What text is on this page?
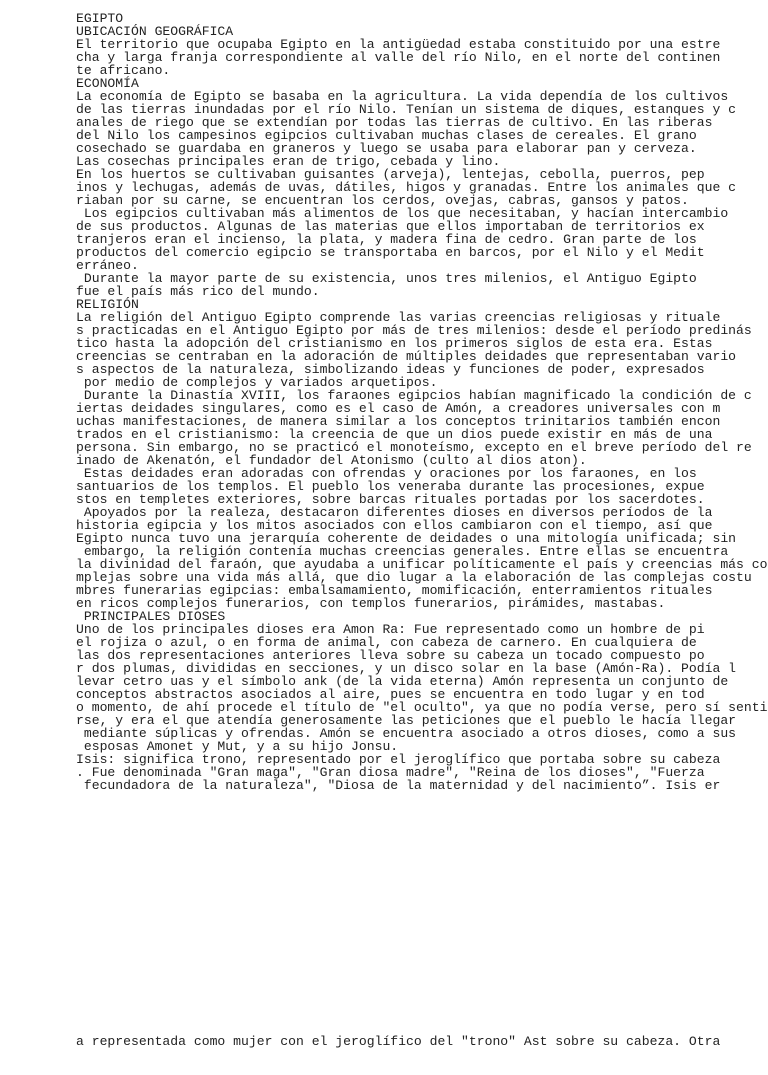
EGIPTO
UBICACIÓN GEOGRÁFICA
El territorio que ocupaba Egipto en la antigüedad estaba constituido por una estre
cha y larga franja correspondiente al valle del río Nilo, en el norte del continen
te africano.
ECONOMÍA
La economía de Egipto se basaba en la agricultura. La vida dependía de los cultivos
de las tierras inundadas por el río Nilo. Tenían un sistema de diques, estanques y c
anales de riego que se extendían por todas las tierras de cultivo. En las riberas
del Nilo los campesinos egipcios cultivaban muchas clases de cereales. El grano
cosechado se guardaba en graneros y luego se usaba para elaborar pan y cerveza.
Las cosechas principales eran de trigo, cebada y lino.
En los huertos se cultivaban guisantes (arveja), lentejas, cebolla, puerros, pep
inos y lechugas, además de uvas, dátiles, higos y granadas. Entre los animales que c
riaban por su carne, se encuentran los cerdos, ovejas, cabras, gansos y patos.
Los egipcios cultivaban más alimentos de los que necesitaban, y hacían intercambio
de sus productos. Algunas de las materias que ellos importaban de territorios ex
tranjeros eran el incienso, la plata, y madera fina de cedro. Gran parte de los
productos del comercio egipcio se transportaba en barcos, por el Nilo y el Medit
erráneo.
Durante la mayor parte de su existencia, unos tres milenios, el Antiguo Egipto
fue el país más rico del mundo.
RELIGIÓN
La religión del Antiguo Egipto comprende las varias creencias religiosas y rituale
s practicadas en el Antiguo Egipto por más de tres milenios: desde el período predinás
tico hasta la adopción del cristianismo en los primeros siglos de esta era. Estas
creencias se centraban en la adoración de múltiples deidades que representaban vario
s aspectos de la naturaleza, simbolizando ideas y funciones de poder, expresados
por medio de complejos y variados arquetipos.
Durante la Dinastía XVIII, los faraones egipcios habían magnificado la condición de c
iertas deidades singulares, como es el caso de Amón, a creadores universales con m
uchas manifestaciones, de manera similar a los conceptos trinitarios también encon
trados en el cristianismo: la creencia de que un dios puede existir en más de una
persona. Sin embargo, no se practicó el monoteísmo, excepto en el breve período del re
inado de Akenatón, el fundador del Atonismo (culto al dios aton).
Estas deidades eran adoradas con ofrendas y oraciones por los faraones, en los
santuarios de los templos. El pueblo los veneraba durante las procesiones, expue
stos en templetes exteriores, sobre barcas rituales portadas por los sacerdotes.
Apoyados por la realeza, destacaron diferentes dioses en diversos períodos de la
historia egipcia y los mitos asociados con ellos cambiaron con el tiempo, así que
Egipto nunca tuvo una jerarquía coherente de deidades o una mitología unificada; sin
embargo, la religión contenía muchas creencias generales. Entre ellas se encuentra
la divinidad del faraón, que ayudaba a unificar políticamente el país y creencias más co
mplejas sobre una vida más allá, que dio lugar a la elaboración de las complejas costu
mbres funerarias egipcias: embalsamamiento, momificación, enterramientos rituales
en ricos complejos funerarios, con templos funerarios, pirámides, mastabas.
PRINCIPALES DIOSES
Uno de los principales dioses era Amon Ra: Fue representado como un hombre de pi
el rojiza o azul, o en forma de animal, con cabeza de carnero. En cualquiera de
las dos representaciones anteriores lleva sobre su cabeza un tocado compuesto po
r dos plumas, divididas en secciones, y un disco solar en la base (Amón-Ra). Podía l
levar cetro uas y el símbolo ank (de la vida eterna) Amón representa un conjunto de
conceptos abstractos asociados al aire, pues se encuentra en todo lugar y en tod
o momento, de ahí procede el título de "el oculto", ya que no podía verse, pero sí senti
rse, y era el que atendía generosamente las peticiones que el pueblo le hacía llegar
mediante súplicas y ofrendas. Amón se encuentra asociado a otros dioses, como a sus
esposas Amonet y Mut, y a su hijo Jonsu.
Isis: significa trono, representado por el jeroglífico que portaba sobre su cabeza
. Fue denominada "Gran maga", "Gran diosa madre", "Reina de los dioses", "Fuerza
fecundadora de la naturaleza", "Diosa de la maternidad y del nacimiento”. Isis er

a representada como mujer con el jeroglífico del "trono" Ast sobre su cabeza. Otra
